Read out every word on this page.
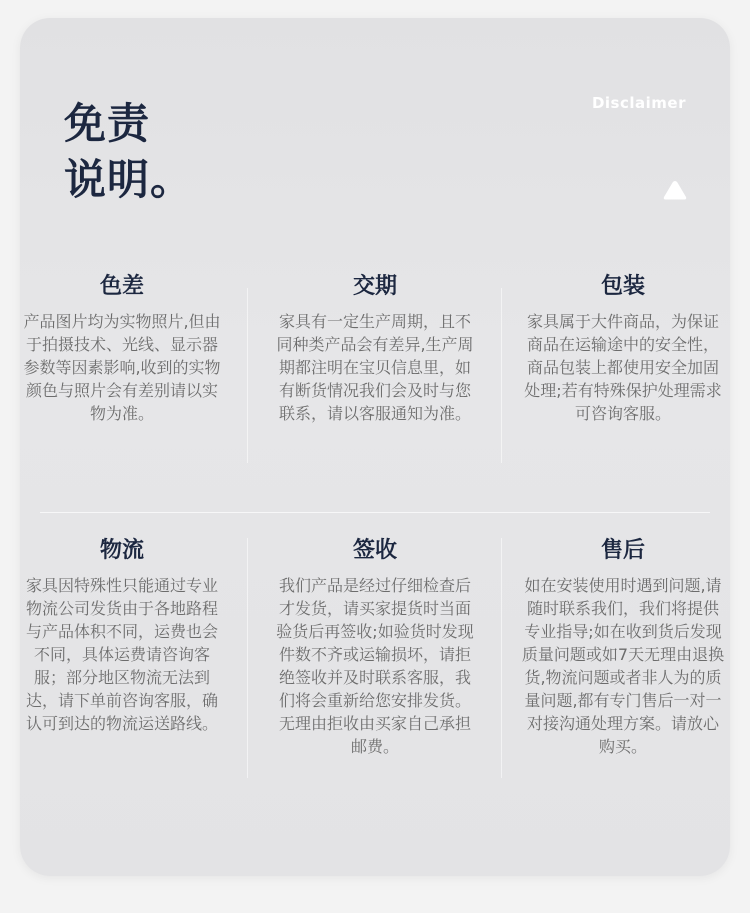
免责
说明。
Disclaimer
色差

产品图片均为实物照片,但由于拍摄技术、光线、显示器参数等因素影响,收到的实物颜色与照片会有差别请以实物为准。

交期

家具有一定生产周期，且不同种类产品会有差异,生产周期都注明在宝贝信息里，如有断货情况我们会及时与您联系，请以客服通知为准。

包装

家具属于大件商品，为保证商品在运输途中的安全性，商品包装上都使用安全加固处理;若有特殊保护处理需求可咨询客服。

物流

家具因特殊性只能通过专业物流公司发货由于各地路程与产品体积不同，运费也会不同，具体运费请咨询客服；部分地区物流无法到达，请下单前咨询客服，确认可到达的物流运送路线。

签收

我们产品是经过仔细检查后才发货，请买家提货时当面验货后再签收;如验货时发现件数不齐或运输损坏，请拒绝签收并及时联系客服，我们将会重新给您安排发货。无理由拒收由买家自己承担邮费。

售后

如在安装使用时遇到问题,请随时联系我们，我们将提供专业指导;如在收到货后发现质量问题或如7天无理由退换货,物流问题或者非人为的质量问题,都有专门售后一对一对接沟通处理方案。请放心购买。
